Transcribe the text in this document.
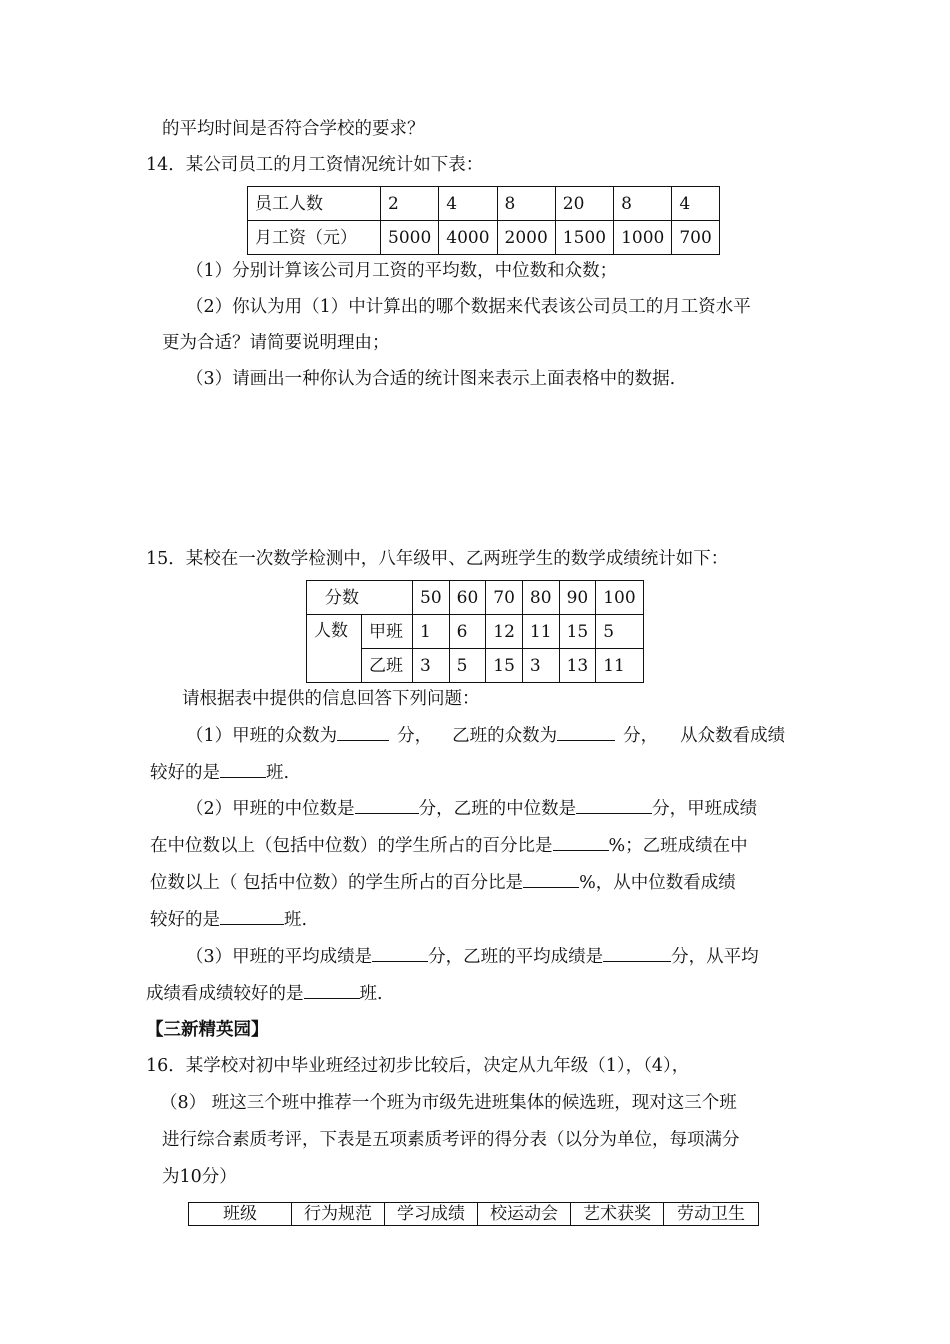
的平均时间是否符合学校的要求？
14．某公司员工的月工资情况统计如下表：
员工人数	2	4	8	20	8	4
月工资（元）	5000	4000	2000	1500	1000	700
（1）分别计算该公司月工资的平均数，中位数和众数；
（2）你认为用（1）中计算出的哪个数据来代表该公司员工的月工资水平
更为合适？请简要说明理由；
（3）请画出一种你认为合适的统计图来表示上面表格中的数据.
15．某校在一次数学检测中，八年级甲、乙两班学生的数学成绩统计如下：
分数		50	60	70	80	90	100
人数	甲班	1	6	12	11	15	5
	乙班	3	5	15	3	13	11
请根据表中提供的信息回答下列问题：
（1）甲班的众数为	分， 乙班的众数为	分， 从众数看成绩
较好的是	班.
（2）甲班的中位数是	分，乙班的中位数是	分，甲班成绩
在中位数以上（包括中位数）的学生所占的百分比是	%；乙班成绩在中
位数以上（ 包括中位数）的学生所占的百分比是	%，从中位数看成绩
较好的是	班.
（3）甲班的平均成绩是	分，乙班的平均成绩是	分，从平均
成绩看成绩较好的是	班.
【三新精英园】
16．某学校对初中毕业班经过初步比较后，决定从九年级（1），（4），
（8） 班这三个班中推荐一个班为市级先进班集体的候选班，现对这三个班
进行综合素质考评，下表是五项素质考评的得分表（以分为单位，每项满分
为10分）
班级	行为规范	学习成绩	校运动会	艺术获奖	劳动卫生
